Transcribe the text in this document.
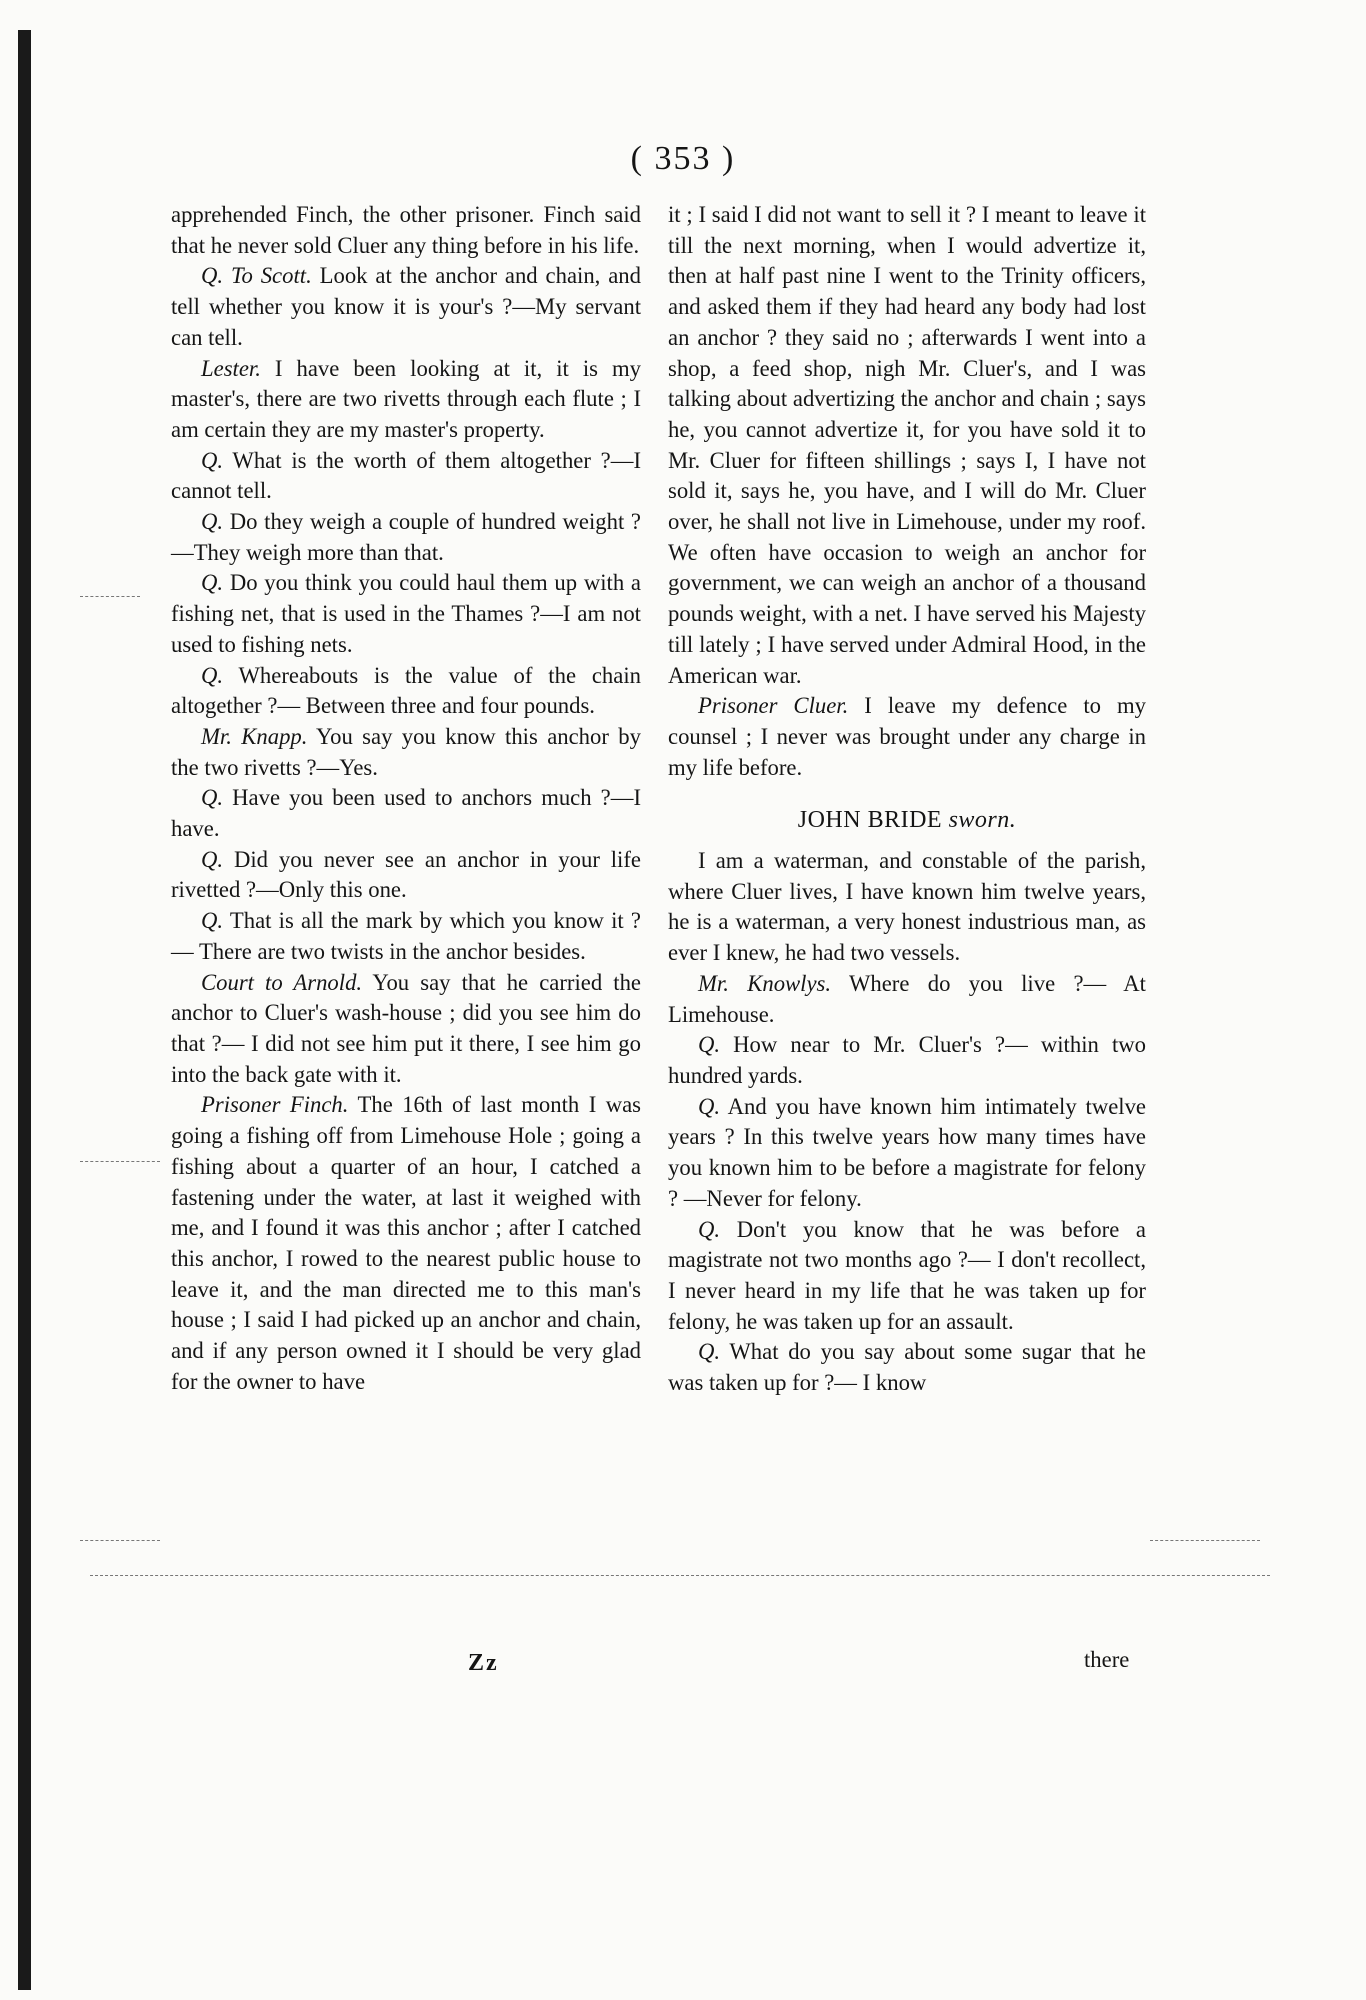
( 353 )

apprehended Finch, the other prisoner. Finch said that he never sold Cluer any thing before in his life.

Q. To Scott. Look at the anchor and chain, and tell whether you know it is your's ?—My servant can tell.

Lester. I have been looking at it, it is my master's, there are two rivetts through each flute ; I am certain they are my master's property.

Q. What is the worth of them altogether ?—I cannot tell.

Q. Do they weigh a couple of hundred weight ?—They weigh more than that.

Q. Do you think you could haul them up with a fishing net, that is used in the Thames ?—I am not used to fishing nets.

Q. Whereabouts is the value of the chain altogether ?— Between three and four pounds.

Mr. Knapp. You say you know this anchor by the two rivetts ?—Yes.

Q. Have you been used to anchors much ?—I have.

Q. Did you never see an anchor in your life rivetted ?—Only this one.

Q. That is all the mark by which you know it ?— There are two twists in the anchor besides.

Court to Arnold. You say that he carried the anchor to Cluer's wash-house ; did you see him do that ?— I did not see him put it there, I see him go into the back gate with it.

Prisoner Finch. The 16th of last month I was going a fishing off from Limehouse Hole ; going a fishing about a quarter of an hour, I catched a fastening under the water, at last it weighed with me, and I found it was this anchor ; after I catched this anchor, I rowed to the nearest public house to leave it, and the man directed me to this man's house ; I said I had picked up an anchor and chain, and if any person owned it I should be very glad for the owner to have

it ; I said I did not want to sell it ? I meant to leave it till the next morning, when I would advertize it, then at half past nine I went to the Trinity officers, and asked them if they had heard any body had lost an anchor ? they said no ; afterwards I went into a shop, a feed shop, nigh Mr. Cluer's, and I was talking about advertizing the anchor and chain ; says he, you cannot advertize it, for you have sold it to Mr. Cluer for fifteen shillings ; says I, I have not sold it, says he, you have, and I will do Mr. Cluer over, he shall not live in Limehouse, under my roof. We often have occasion to weigh an anchor for government, we can weigh an anchor of a thousand pounds weight, with a net. I have served his Majesty till lately ; I have served under Admiral Hood, in the American war.

Prisoner Cluer. I leave my defence to my counsel ; I never was brought under any charge in my life before.

JOHN BRIDE sworn.

I am a waterman, and constable of the parish, where Cluer lives, I have known him twelve years, he is a waterman, a very honest industrious man, as ever I knew, he had two vessels.

Mr. Knowlys. Where do you live ?— At Limehouse.

Q. How near to Mr. Cluer's ?— within two hundred yards.

Q. And you have known him intimately twelve years ? In this twelve years how many times have you known him to be before a magistrate for felony ? —Never for felony.

Q. Don't you know that he was before a magistrate not two months ago ?— I don't recollect, I never heard in my life that he was taken up for felony, he was taken up for an assault.

Q. What do you say about some sugar that he was taken up for ?— I know

Zz	there
